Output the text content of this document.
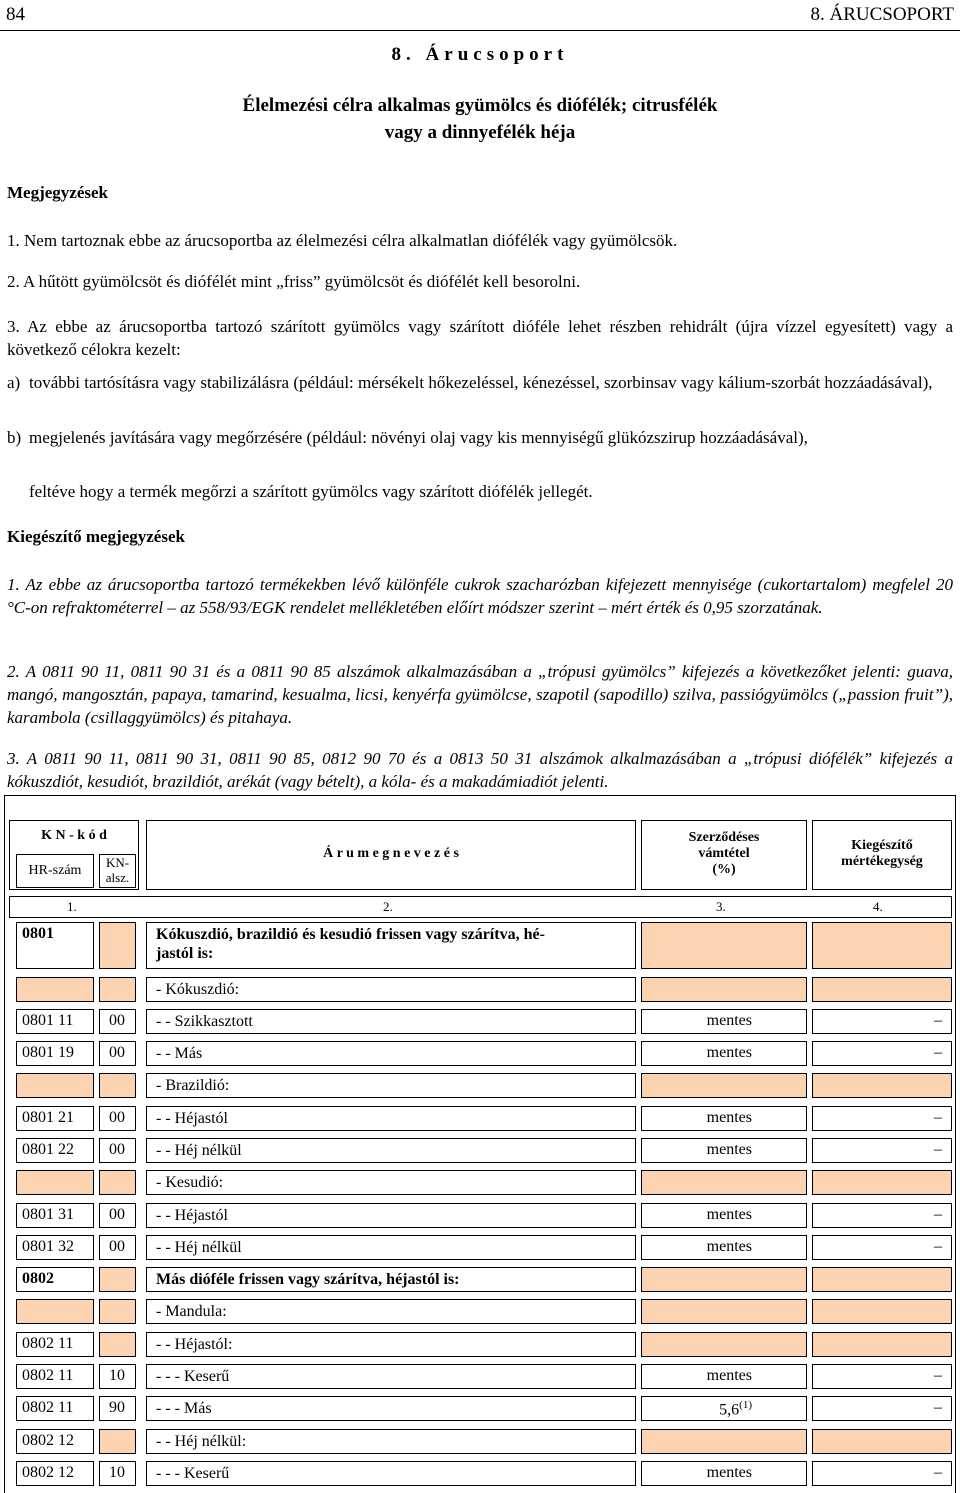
84	8. ÁRUCSOPORT
8. Árucsoport
Élelmezési célra alkalmas gyümölcs és diófélék; citrusfélék
vagy a dinnyefélék héja
Megjegyzések
1. Nem tartoznak ebbe az árucsoportba az élelmezési célra alkalmatlan diófélék vagy gyümölcsök.
2. A hűtött gyümölcsöt és diófélét mint „friss” gyümölcsöt és diófélét kell besorolni.
3. Az ebbe az árucsoportba tartozó szárított gyümölcs vagy szárított dióféle lehet részben rehidrált (újra vízzel egyesített) vagy a következő célokra kezelt:
a) további tartósításra vagy stabilizálásra (például: mérsékelt hőkezeléssel, kénezéssel, szorbinsav vagy kálium-szorbát hozzáadásával),
b) megjelenés javítására vagy megőrzésére (például: növényi olaj vagy kis mennyiségű glükózszirup hozzáadásával),
feltéve hogy a termék megőrzi a szárított gyümölcs vagy szárított diófélék jellegét.
Kiegészítő megjegyzések
1. Az ebbe az árucsoportba tartozó termékekben lévő különféle cukrok szacharózban kifejezett mennyisége (cukortartalom) megfelel 20 °C-on refraktométerrel – az 558/93/EGK rendelet mellékletében előírt módszer szerint – mért érték és 0,95 szorzatának.
2. A 0811 90 11, 0811 90 31 és a 0811 90 85 alszámok alkalmazásában a „trópusi gyümölcs” kifejezés a következőket jelenti: guava, mangó, mangosztán, papaya, tamarind, kesualma, licsi, kenyérfa gyümölcse, szapotil (sapodillo) szilva, passiógyümölcs („passion fruit”), karambola (csillaggyümölcs) és pitahaya.
3. A 0811 90 11, 0811 90 31, 0811 90 85, 0812 90 70 és a 0813 50 31 alszámok alkalmazásában a „trópusi diófélék” kifejezés a kókuszdiót, kesudiót, brazildiót, arékát (vagy bételt), a kóla- és a makadámiadiót jelenti.
K N - k ó d
HR-szám
KN-
alsz.
Á r u m e g n e v e z é s
Szerződéses
vámtétel
(%)
Kiegészítő
mértékegység
1.	2.	3.	4.
0801	Kókuszdió, brazildió és kesudió frissen vagy szárítva, hé-
jastól is:
- Kókuszdió:
0801 11 00 - - Szikkasztott	mentes	–
0801 19 00 - - Más	mentes	–
- Brazildió:
0801 21 00 - - Héjastól	mentes	–
0801 22 00 - - Héj nélkül	mentes	–
- Kesudió:
0801 31 00 - - Héjastól	mentes	–
0801 32 00 - - Héj nélkül	mentes	–
0802	Más dióféle frissen vagy szárítva, héjastól is:
- Mandula:
0802 11	- - Héjastól:
0802 11 10 - - - Keserű	mentes	–
0802 11 90 - - - Más	5,6$^{(1)}$	–
0802 12	- - Héj nélkül:
0802 12 10 - - - Keserű	mentes	–
